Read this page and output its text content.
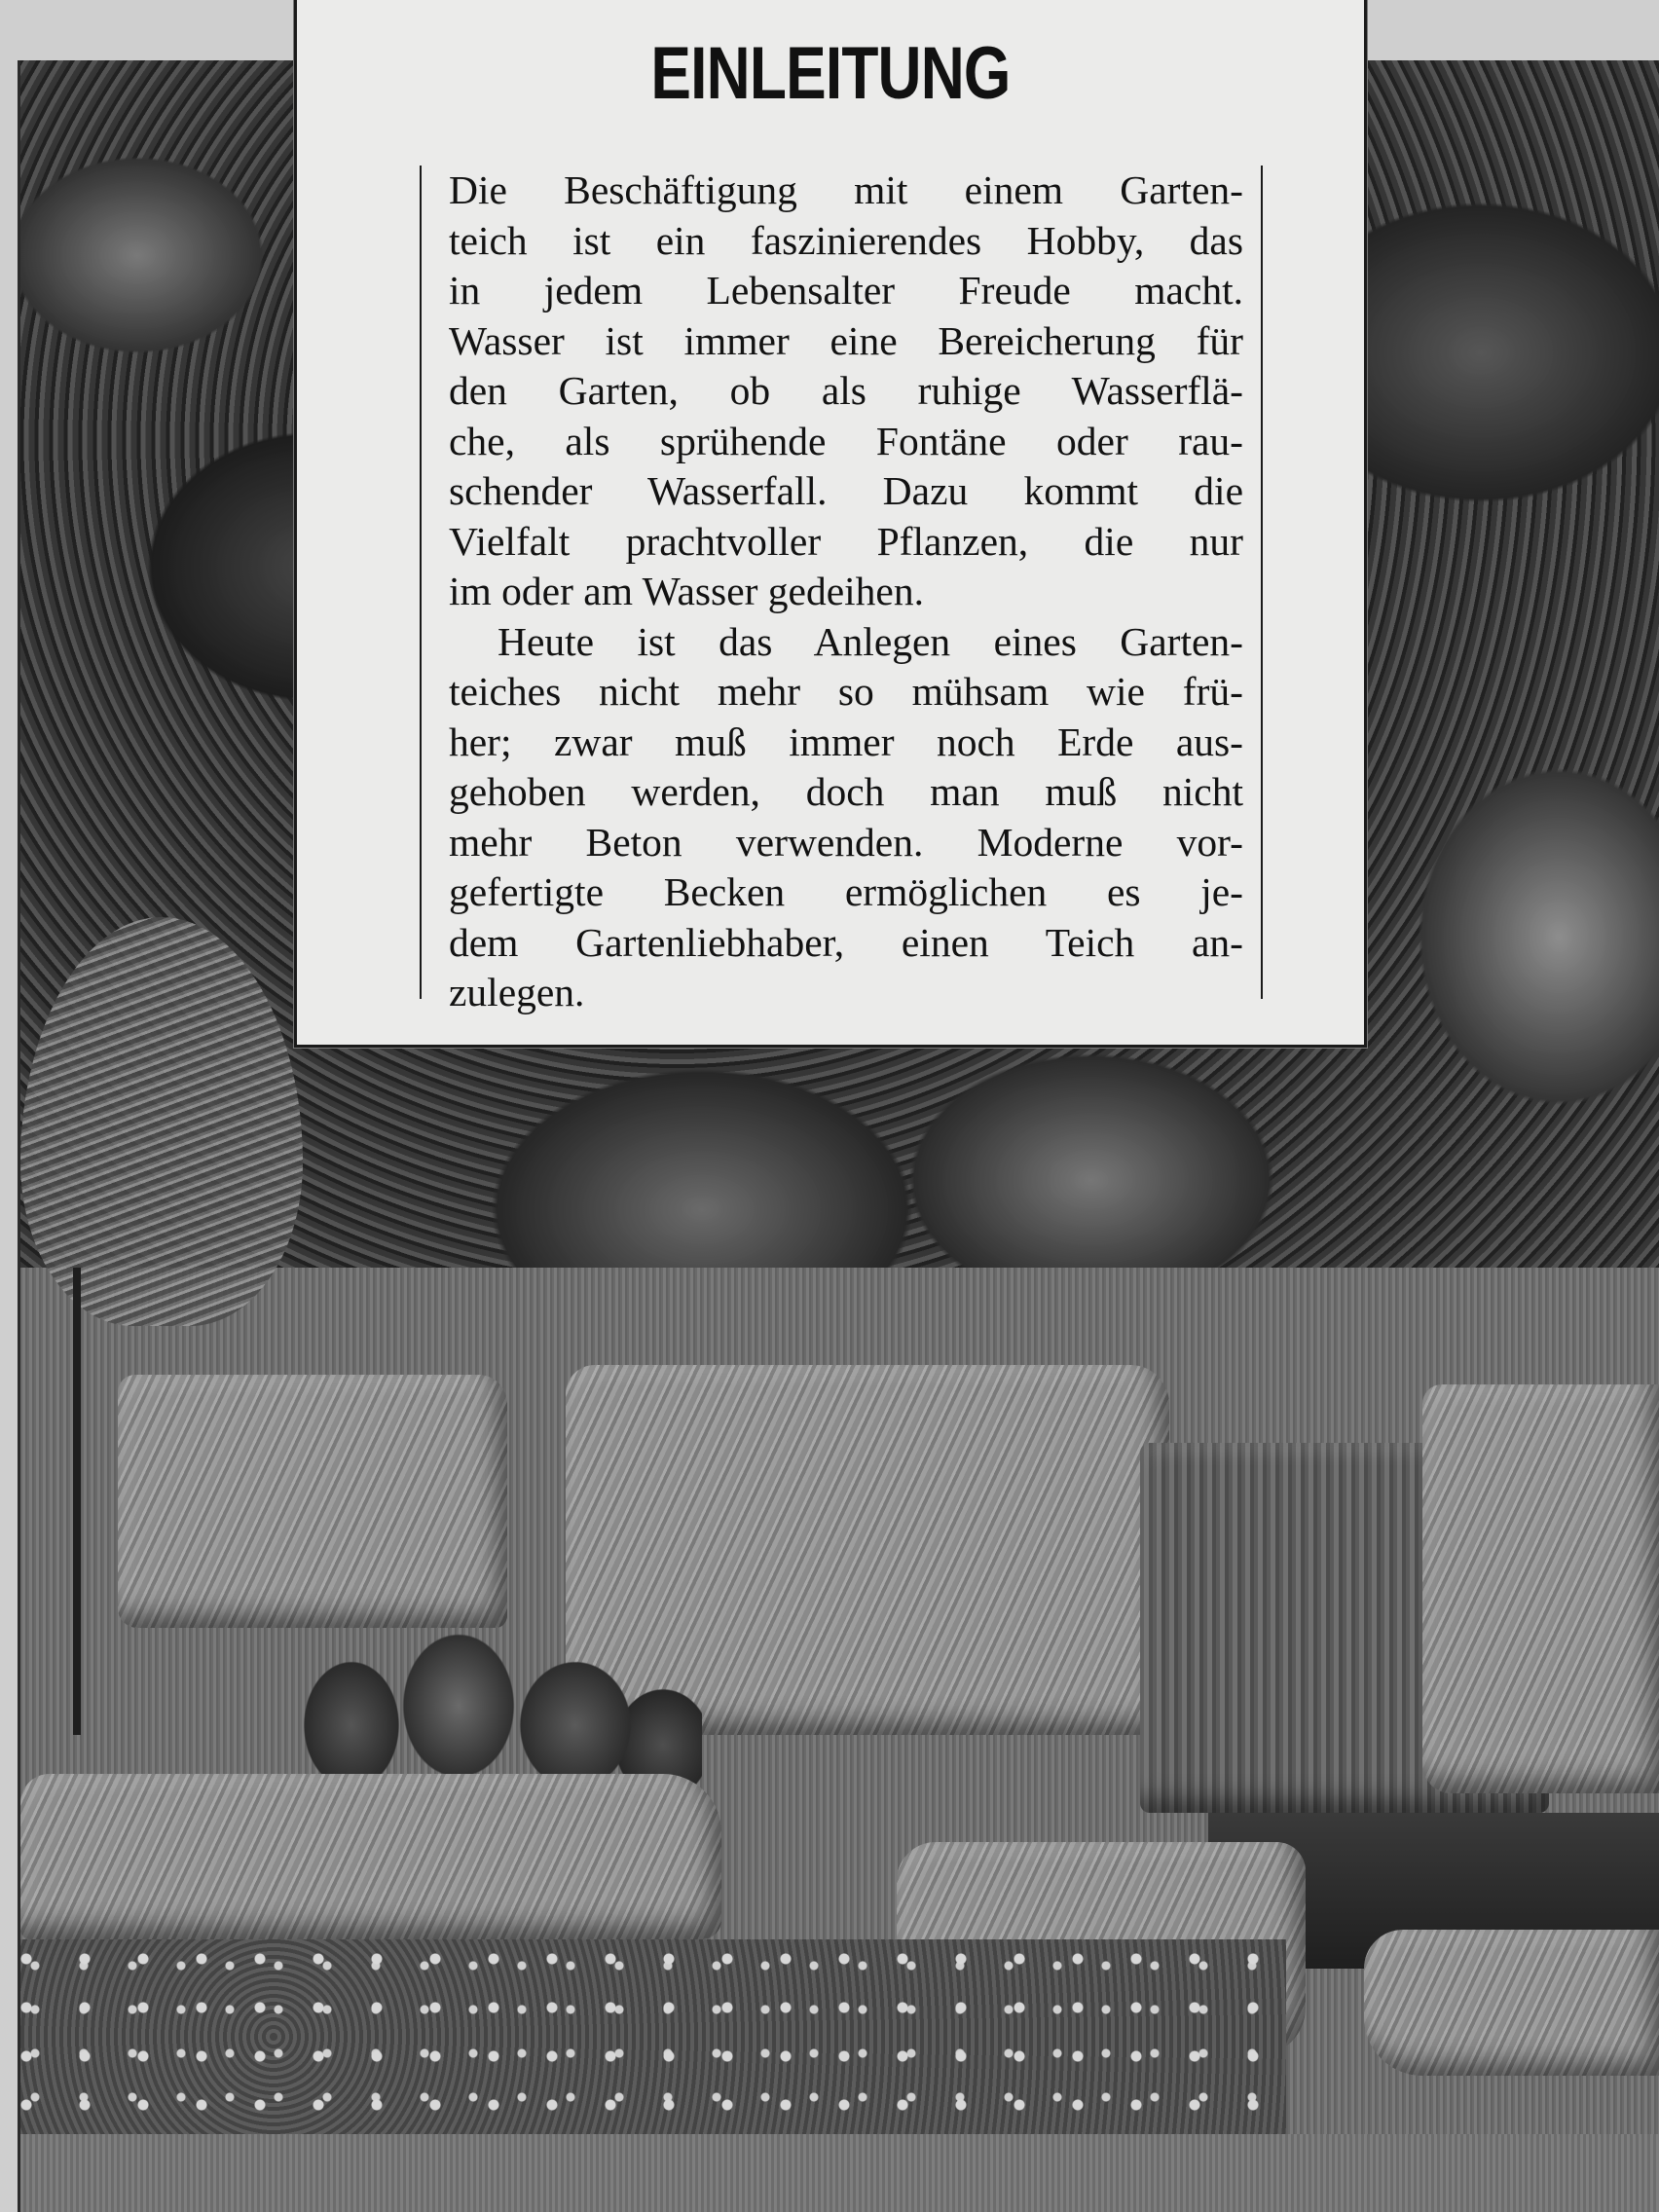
EINLEITUNG

Die Beschäftigung mit einem Garten-
teich ist ein faszinierendes Hobby, das
in jedem Lebensalter Freude macht.
Wasser ist immer eine Bereicherung für
den Garten, ob als ruhige Wasserflä-
che, als sprühende Fontäne oder rau-
schender Wasserfall. Dazu kommt die
Vielfalt prachtvoller Pflanzen, die nur
im oder am Wasser gedeihen.

Heute ist das Anlegen eines Garten-
teiches nicht mehr so mühsam wie frü-
her; zwar muß immer noch Erde aus-
gehoben werden, doch man muß nicht
mehr Beton verwenden. Moderne vor-
gefertigte Becken ermöglichen es je-
dem Gartenliebhaber, einen Teich an-
zulegen.
